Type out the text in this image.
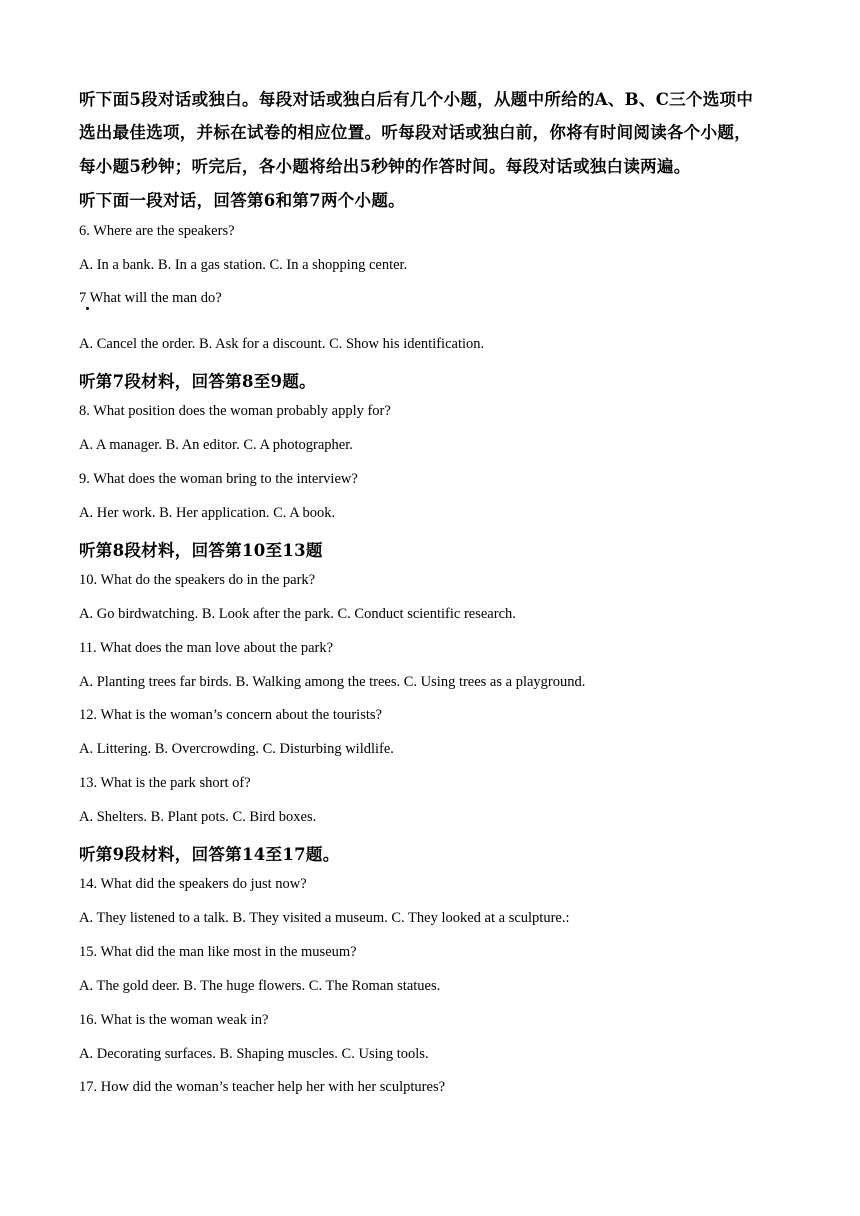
听下面5段对话或独白。每段对话或独白后有几个小题，从题中所给的A、B、C三个选项中
选出最佳选项，并标在试卷的相应位置。听每段对话或独白前，你将有时间阅读各个小题，
每小题5秒钟；听完后，各小题将给出5秒钟的作答时间。每段对话或独白读两遍。
听下面一段对话，回答第6和第7两个小题。
6. Where are the speakers?
A. In a bank. B. In a gas station. C. In a shopping center.
7 What will the man do?
A. Cancel the order. B. Ask for a discount. C. Show his identification.
听第7段材料，回答第8至9题。
8. What position does the woman probably apply for?
A. A manager. B. An editor. C. A photographer.
9. What does the woman bring to the interview?
A. Her work. B. Her application. C. A book.
听第8段材料，回答第10至13题
10. What do the speakers do in the park?
A. Go birdwatching. B. Look after the park. C. Conduct scientific research.
11. What does the man love about the park?
A. Planting trees far birds. B. Walking among the trees. C. Using trees as a playground.
12. What is the woman’s concern about the tourists?
A. Littering. B. Overcrowding. C. Disturbing wildlife.
13. What is the park short of?
A. Shelters. B. Plant pots. C. Bird boxes.
听第9段材料，回答第14至17题。
14. What did the speakers do just now?
A. They listened to a talk. B. They visited a museum. C. They looked at a sculpture.:
15. What did the man like most in the museum?
A. The gold deer. B. The huge flowers. C. The Roman statues.
16. What is the woman weak in?
A. Decorating surfaces. B. Shaping muscles. C. Using tools.
17. How did the woman’s teacher help her with her sculptures?
